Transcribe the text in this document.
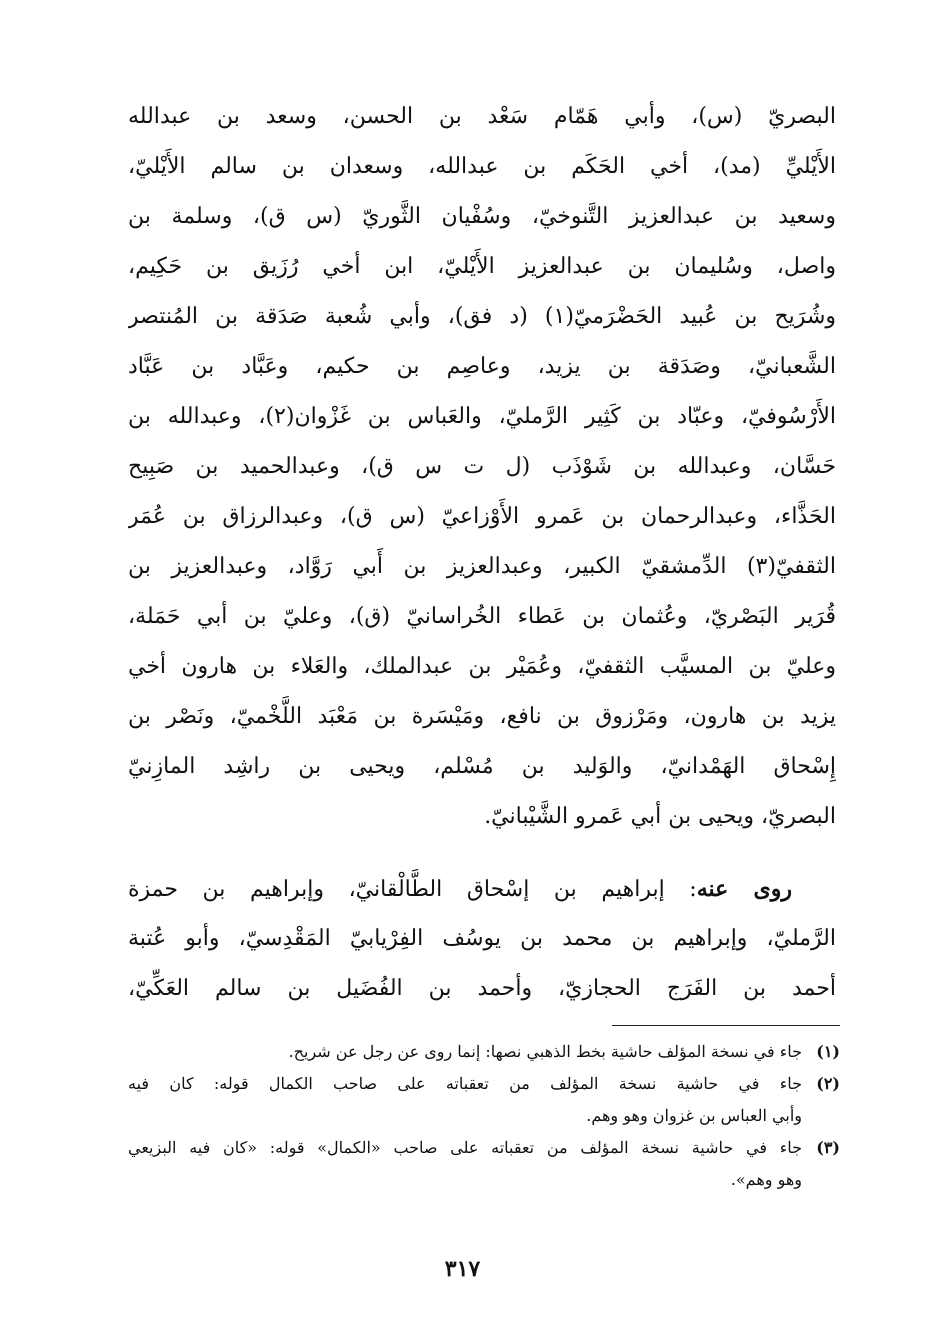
البصريّ (س)، وأبي هَمّام سَعْد بن الحسن، وسعد بن عبدالله
الأَيْليِّ (مد)، أخي الحَكَم بن عبدالله، وسعدان بن سالم الأَيْليّ،
وسعيد بن عبدالعزيز التَّنوخيّ، وسُفْيان الثَّوريّ (س ق)، وسلمة بن
واصل، وسُليمان بن عبدالعزيز الأَيْليّ، ابن أخي رُزَيق بن حَكِيم،
وشُرَيح بن عُبيد الحَضْرَميّ(١) (د فق)، وأبي شُعبة صَدَقة بن المُنتصر
الشَّعبانيّ، وصَدَقة بن يزيد، وعاصِم بن حكيم، وعَبَّاد بن عَبَّاد
الأَرْسُوفيّ، وعبّاد بن كَثِير الرَّمليّ، والعَباس بن غَزْوان(٢)، وعبدالله بن
حَسَّان، وعبدالله بن شَوْذَب (ل ت س ق)، وعبدالحميد بن صَبِيح
الحَذَّاء، وعبدالرحمان بن عَمرو الأَوْزاعيّ (س ق)، وعبدالرزاق بن عُمَر
الثقفيّ(٣) الدِّمشقيّ الكبير، وعبدالعزيز بن أَبي رَوَّاد، وعبدالعزيز بن
قُرَير البَصْريّ، وعُثمان بن عَطاء الخُراسانيّ (ق)، وعليّ بن أبي حَمَلة،
وعليّ بن المسيَّب الثقفيّ، وعُمَيْر بن عبدالملك، والعَلاء بن هارون أخي
يزيد بن هارون، ومَرْزوق بن نافع، ومَيْسَرة بن مَعْبَد اللَّخْميّ، ونَصْر بن
إِسْحاق الهَمْدانيّ، والوَليد بن مُسْلم، ويحيى بن راشِد المازِنيّ
البصريّ، ويحيى بن أبي عَمرو الشَّيْبانيّ.
  روى عنه: إبراهيم بن إسْحاق الطَّالْقانيّ، وإبراهيم بن حمزة
الرَّمليّ، وإبراهيم بن محمد بن يوسُف الفِرْيابيّ المَقْدِسيّ، وأبو عُتبة
أحمد بن الفَرَج الحجازيّ، وأحمد بن الفُضَيل بن سالم العَكِّيّ،
(١)جاء في نسخة المؤلف حاشية بخط الذهبي نصها: إنما روى عن رجل عن شريح.
(٢)جاء في حاشية نسخة المؤلف من تعقباته على صاحب الكمال قوله: كان فيه
وأبي العباس بن غزوان وهو وهم.
(٣)جاء في حاشية نسخة المؤلف من تعقباته على صاحب «الكمال» قوله: «كان فيه البزيعي
وهو وهم».
٣١٧
